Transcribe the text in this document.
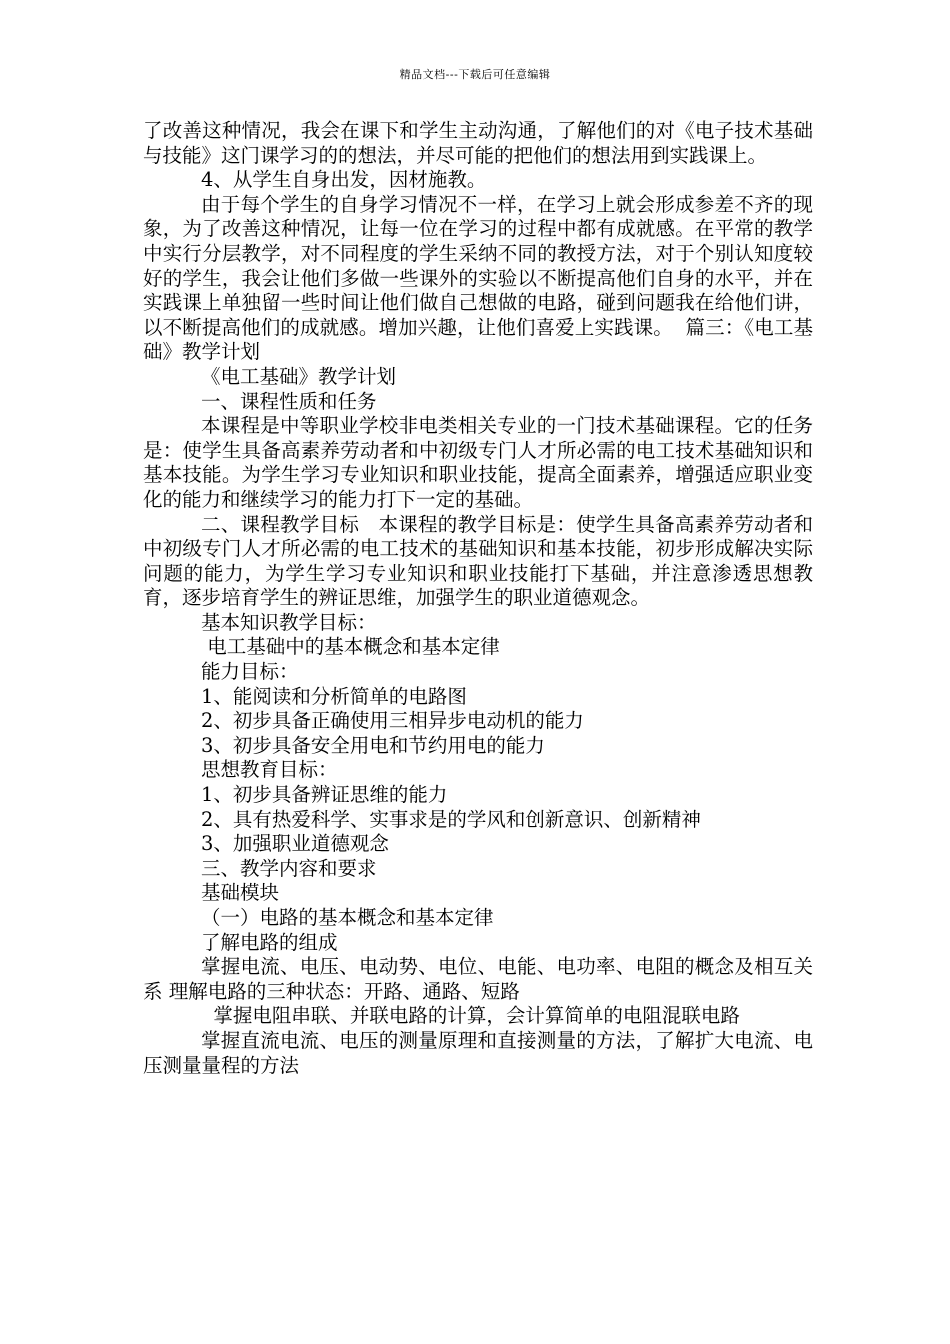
精品文档---下载后可任意编辑

了改善这种情况，我会在课下和学生主动沟通，了解他们的对《电子技术基础与技能》这门课学习的的想法，并尽可能的把他们的想法用到实践课上。

4、从学生自身出发，因材施教。

由于每个学生的自身学习情况不一样，在学习上就会形成参差不齐的现象，为了改善这种情况，让每一位在学习的过程中都有成就感。在平常的教学中实行分层教学，对不同程度的学生采纳不同的教授方法，对于个别认知度较好的学生，我会让他们多做一些课外的实验以不断提高他们自身的水平，并在实践课上单独留一些时间让他们做自己想做的电路，碰到问题我在给他们讲，以不断提高他们的成就感。增加兴趣，让他们喜爱上实践课。  篇三：《电工基础》教学计划

《电工基础》教学计划

一、课程性质和任务

本课程是中等职业学校非电类相关专业的一门技术基础课程。它的任务是：使学生具备高素养劳动者和中初级专门人才所必需的电工技术基础知识和基本技能。为学生学习专业知识和职业技能，提高全面素养，增强适应职业变化的能力和继续学习的能力打下一定的基础。

二、课程教学目标   本课程的教学目标是：使学生具备高素养劳动者和中初级专门人才所必需的电工技术的基础知识和基本技能，初步形成解决实际问题的能力，为学生学习专业知识和职业技能打下基础，并注意渗透思想教育，逐步培育学生的辨证思维，加强学生的职业道德观念。

基本知识教学目标：

电工基础中的基本概念和基本定律

能力目标：

1、能阅读和分析简单的电路图

2、初步具备正确使用三相异步电动机的能力

3、初步具备安全用电和节约用电的能力

思想教育目标：

1、初步具备辨证思维的能力

2、具有热爱科学、实事求是的学风和创新意识、创新精神

3、加强职业道德观念

三、教学内容和要求

基础模块

（一）电路的基本概念和基本定律

了解电路的组成

掌握电流、电压、电动势、电位、电能、电功率、电阻的概念及相互关系 理解电路的三种状态：开路、通路、短路

掌握电阻串联、并联电路的计算，会计算简单的电阻混联电路

掌握直流电流、电压的测量原理和直接测量的方法，了解扩大电流、电压测量量程的方法
